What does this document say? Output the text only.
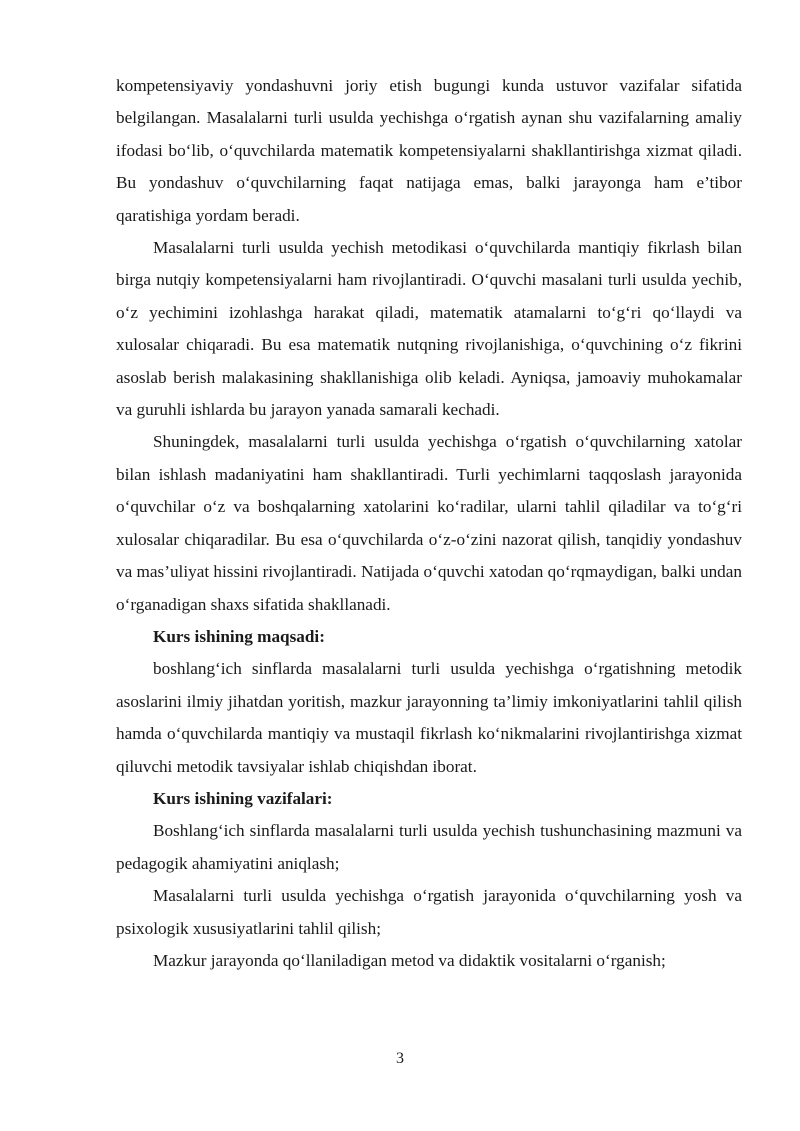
kompetensiyaviy yondashuvni joriy etish bugungi kunda ustuvor vazifalar sifatida belgilangan. Masalalarni turli usulda yechishga o‘rgatish aynan shu vazifalarning amaliy ifodasi bo‘lib, o‘quvchilarda matematik kompetensiyalarni shakllantirishga xizmat qiladi. Bu yondashuv o‘quvchilarning faqat natijaga emas, balki jarayonga ham e’tibor qaratishiga yordam beradi.

Masalalarni turli usulda yechish metodikasi o‘quvchilarda mantiqiy fikrlash bilan birga nutqiy kompetensiyalarni ham rivojlantiradi. O‘quvchi masalani turli usulda yechib, o‘z yechimini izohlashga harakat qiladi, matematik atamalarni to‘g‘ri qo‘llaydi va xulosalar chiqaradi. Bu esa matematik nutqning rivojlanishiga, o‘quvchining o‘z fikrini asoslab berish malakasining shakllanishiga olib keladi. Ayniqsa, jamoaviy muhokamalar va guruhli ishlarda bu jarayon yanada samarali kechadi.

Shuningdek, masalalarni turli usulda yechishga o‘rgatish o‘quvchilarning xatolar bilan ishlash madaniyatini ham shakllantiradi. Turli yechimlarni taqqoslash jarayonida o‘quvchilar o‘z va boshqalarning xatolarini ko‘radilar, ularni tahlil qiladilar va to‘g‘ri xulosalar chiqaradilar. Bu esa o‘quvchilarda o‘z-o‘zini nazorat qilish, tanqidiy yondashuv va mas’uliyat hissini rivojlantiradi. Natijada o‘quvchi xatodan qo‘rqmaydigan, balki undan o‘rganadigan shaxs sifatida shakllanadi.

Kurs ishining maqsadi:

boshlang‘ich sinflarda masalalarni turli usulda yechishga o‘rgatishning metodik asoslarini ilmiy jihatdan yoritish, mazkur jarayonning ta’limiy imkoniyatlarini tahlil qilish hamda o‘quvchilarda mantiqiy va mustaqil fikrlash ko‘nikmalarini rivojlantirishga xizmat qiluvchi metodik tavsiyalar ishlab chiqishdan iborat.

Kurs ishining vazifalari:

Boshlang‘ich sinflarda masalalarni turli usulda yechish tushunchasining mazmuni va pedagogik ahamiyatini aniqlash;

Masalalarni turli usulda yechishga o‘rgatish jarayonida o‘quvchilarning yosh va psixologik xususiyatlarini tahlil qilish;

Mazkur jarayonda qo‘llaniladigan metod va didaktik vositalarni o‘rganish;

3
